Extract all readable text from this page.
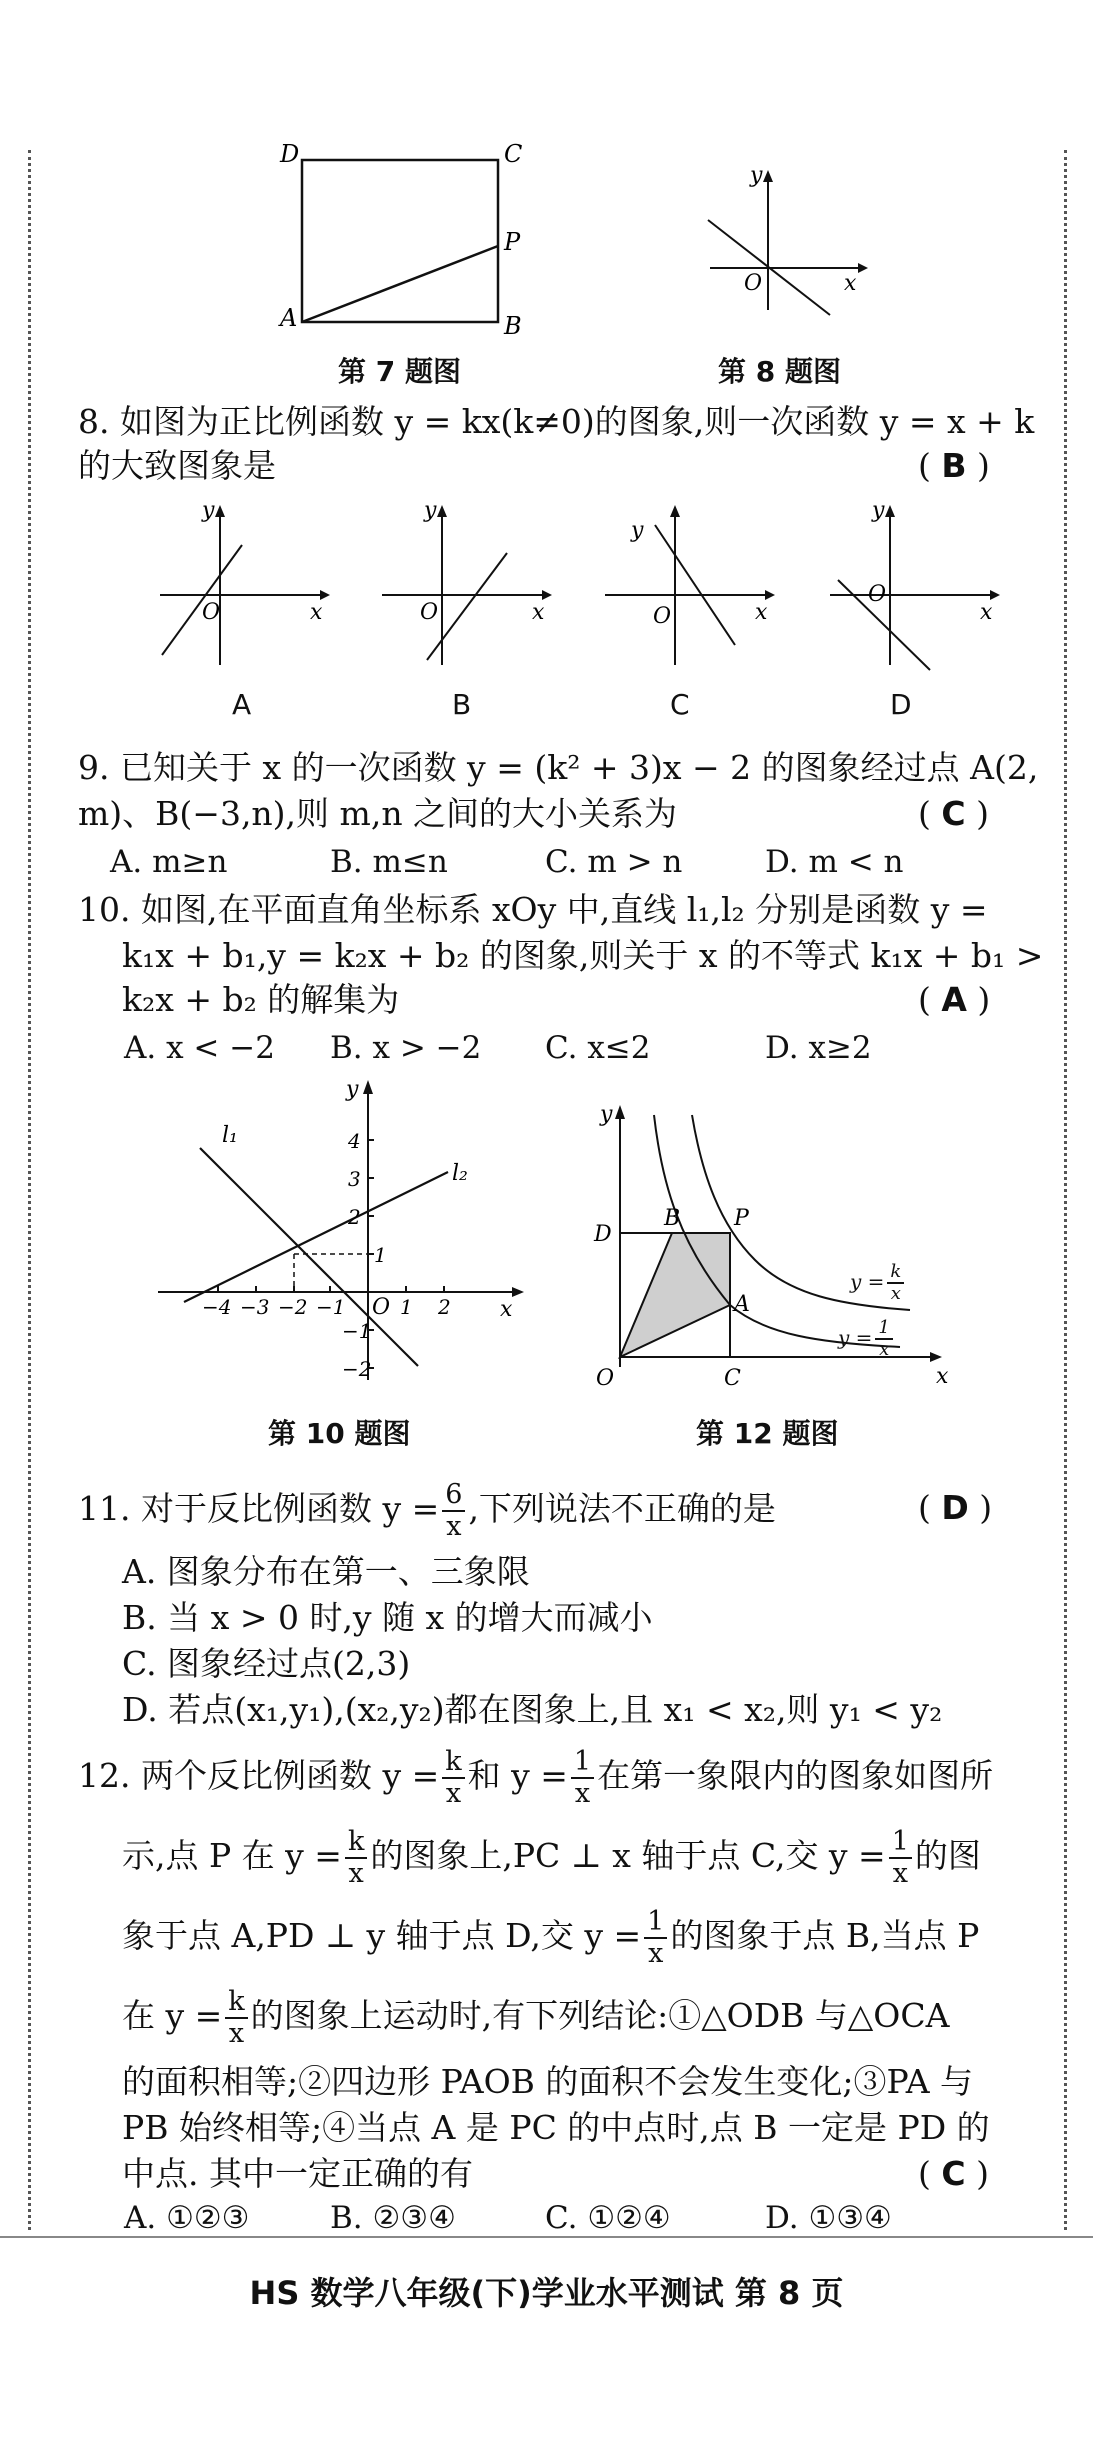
D	C
P
A	B
第 7 题图
y
O	x
第 8 题图
8. 如图为正比例函数 y = kx(k≠0)的图象,则一次函数 y = x + k
的大致图象是	( B )
y
O	x
y
O	x
y
O	x
y
O
x
A	B	C	D
9. 已知关于 x 的一次函数 y = (k² + 3)x − 2 的图象经过点 A(2,
m)、B(−3,n),则 m,n 之间的大小关系为	( C )
A. m≥n	B. m≤n	C. m > n	D. m < n
10. 如图,在平面直角坐标系 xOy 中,直线 l₁,l₂ 分别是函数 y =
k₁x + b₁,y = k₂x + b₂ 的图象,则关于 x 的不等式 k₁x + b₁ >
k₂x + b₂ 的解集为	( A )
A. x < −2 B. x > −2 C. x≤2	D. x≥2
l₁
l₂
y
x
O
−4 −3 −2 −1	1 2
4
3
2
1
−1
−2
第 10 题图
y
x
O
D
B P
A
C
$y = \frac{k}{x}$
$y = \frac{1}{x}$
第 12 题图
11. 对于反比例函数 $y = \frac{6}{x}$ ,下列说法不正确的是	( D )
A. 图象分布在第一、三象限
B. 当 x > 0 时,y 随 x 的增大而减小
C. 图象经过点(2,3)
D. 若点(x₁,y₁),(x₂,y₂)都在图象上,且 x₁ < x₂,则 y₁ < y₂
12. 两个反比例函数 $y = \frac{k}{x}$ 和 $y = \frac{1}{x}$ 在第一象限内的图象如图所
示,点 P 在 $y = \frac{k}{x}$ 的图象上,PC ⊥ x 轴于点 C,交 $y = \frac{1}{x}$ 的图
象于点 A,PD ⊥ y 轴于点 D,交 $y = \frac{1}{x}$ 的图象于点 B,当点 P
在 $y = \frac{k}{x}$ 的图象上运动时,有下列结论:①△ODB 与△OCA
的面积相等;②四边形 PAOB 的面积不会发生变化;③PA 与
PB 始终相等;④当点 A 是 PC 的中点时,点 B 一定是 PD 的
中点. 其中一定正确的有	( C )
A. ①②③	B. ②③④	C. ①②④	D. ①③④
HS 数学八年级(下)学业水平测试 第 8 页
